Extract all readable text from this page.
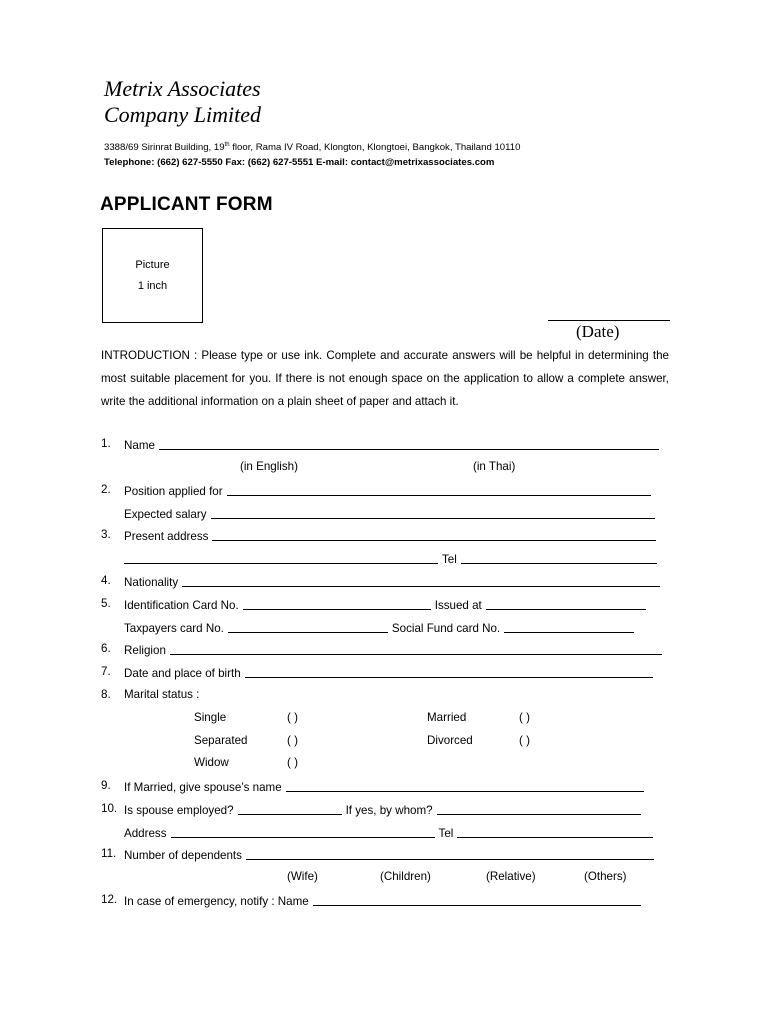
Metrix Associates
Company Limited
3388/69 Sirinrat Building, 19th floor, Rama IV Road, Klongton, Klongtoei, Bangkok, Thailand 10110
Telephone: (662) 627-5550 Fax: (662) 627-5551 E-mail: contact@metrixassociates.com
APPLICANT FORM
Picture
1 inch
(Date)
INTRODUCTION : Please type or use ink. Complete and accurate answers will be helpful in determining the most suitable placement for you. If there is not enough space on the application to allow a complete answer, write the additional information on a plain sheet of paper and attach it.
1. Name
(in English)	(in Thai)
2. Position applied for
Expected salary
3. Present address
Tel
4. Nationality
5. Identification Card No.	Issued at
Taxpayers card No.	Social Fund card No.
6. Religion
7. Date and place of birth
8. Marital status :
Single	( )	Married	( )
Separated	( )	Divorced	( )
Widow	( )
9. If Married, give spouse’s name
10. Is spouse employed?	If yes, by whom?
Address	Tel
11. Number of dependents
(Wife)	(Children)	(Relative)	(Others)
12. In case of emergency, notify : Name
